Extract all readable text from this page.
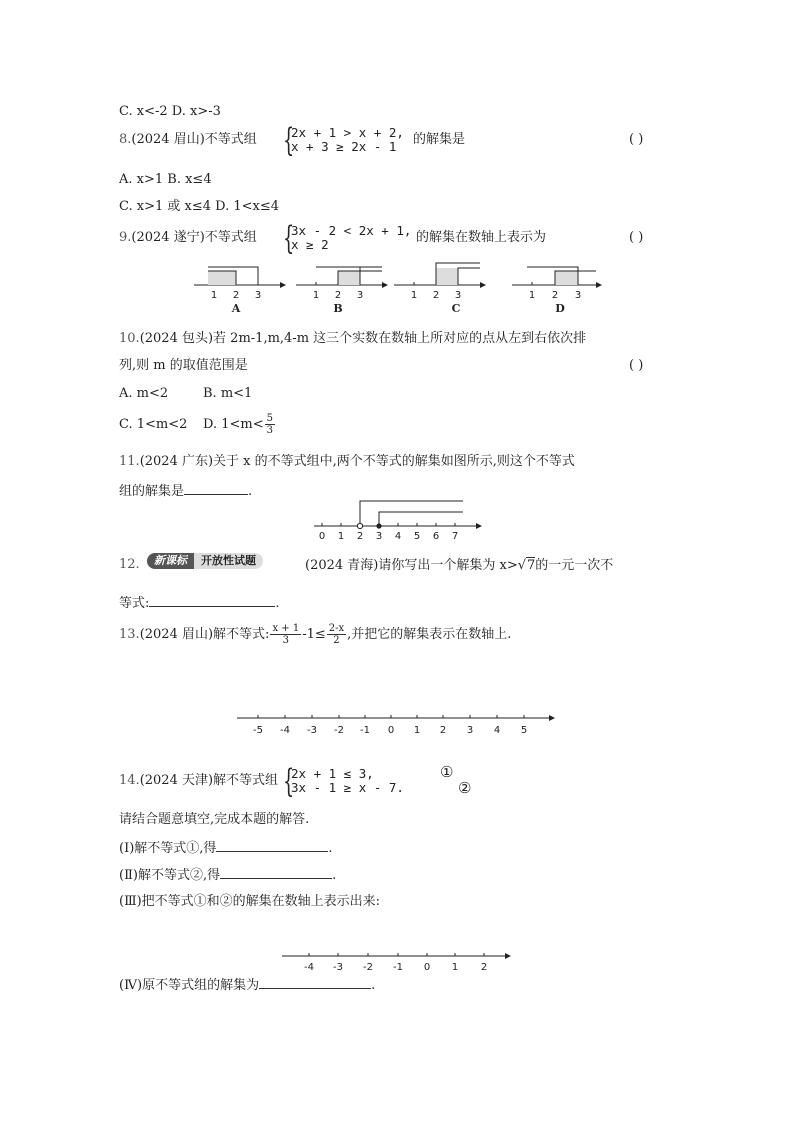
C. x<-2 D. x>-3
8.(2024 眉山)不等式组 {
2x + 1 > x + 2,
x + 3 ≥ 2x - 1	的解集是	( )
A. x>1 B. x≤4
C. x>1 或 x≤4 D. 1<x≤4
9.(2024 遂宁)不等式组 {
3x - 2 < 2x + 1,
x ≥ 2	的解集在数轴上表示为	( )
1 2 3
A
1 2 3
B
1 2 3
C
1 2 3
D
10.(2024 包头)若 2m-1,m,4-m 这三个实数在数轴上所对应的点从左到右依次排
列,则 m 的取值范围是	( )
A. m<2	B. m<1
C. 1<m<2 D. $1<m< \frac{5}{3}$
11.(2024 广东)关于 x 的不等式组中,两个不等式的解集如图所示,则这个不等式
组的解集是	.
0 1 2 3 4 5 6 7
12.	新课标	开放性试题	(2024 青海)请你写出一个解集为 x>√7的一元一次不
等式:	.
13.(2024 眉山)解不等式: $\frac{x + 1}{3} -1\le \frac{2-x}{2}$ ,并把它的解集表示在数轴上.
-5 -4 -3 -2 -1 0 1 2 3 4 5
14.(2024 天津)解不等式组 {
2x + 1 ≤ 3,
3x - 1 ≥ x - 7.
①
②
请结合题意填空,完成本题的解答.
(Ⅰ)解不等式①,得	.
(Ⅱ)解不等式②,得	.
(Ⅲ)把不等式①和②的解集在数轴上表示出来:
-4 -3 -2 -1 0 1 2
(Ⅳ)原不等式组的解集为	.
